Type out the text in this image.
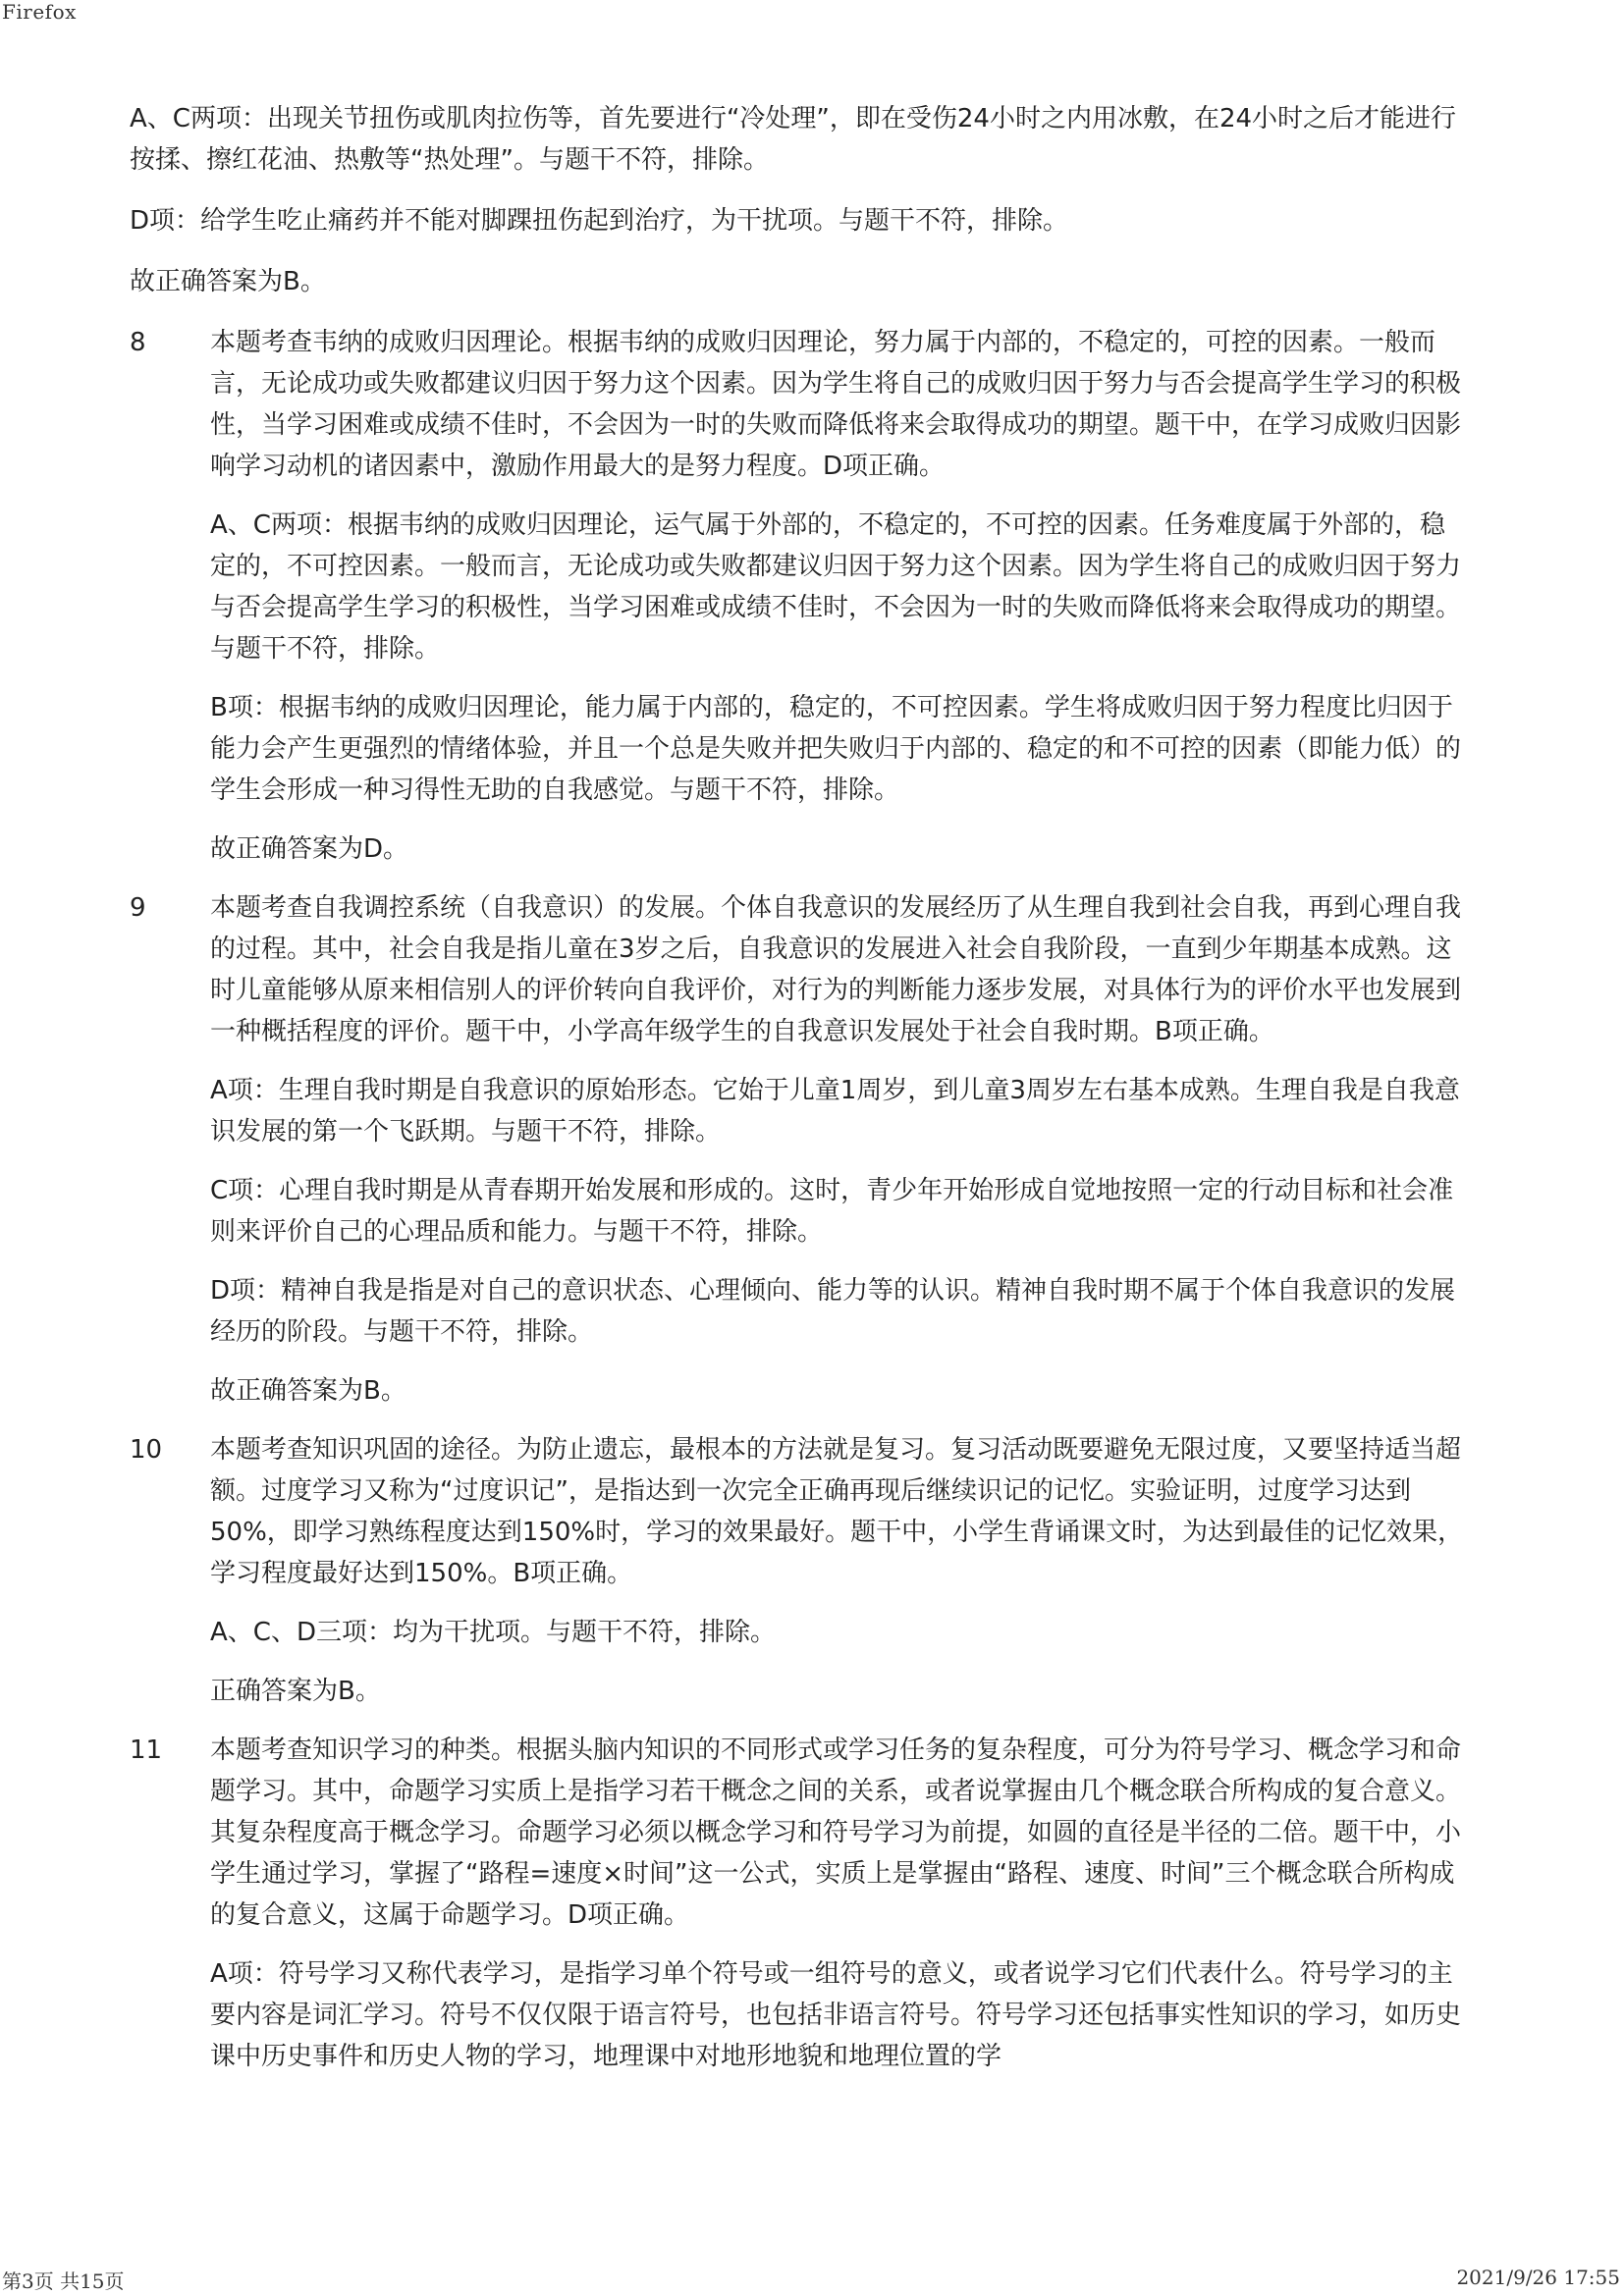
Firefox

A、C两项：出现关节扭伤或肌肉拉伤等，首先要进行“冷处理”，即在受伤24小时之内用冰敷，在24小时之后才能进行按揉、擦红花油、热敷等“热处理”。与题干不符，排除。

D项：给学生吃止痛药并不能对脚踝扭伤起到治疗，为干扰项。与题干不符，排除。

故正确答案为B。

8	本题考查韦纳的成败归因理论。根据韦纳的成败归因理论，努力属于内部的，不稳定的，可控的因素。一般而言，无论成功或失败都建议归因于努力这个因素。因为学生将自己的成败归因于努力与否会提高学生学习的积极性，当学习困难或成绩不佳时，不会因为一时的失败而降低将来会取得成功的期望。题干中，在学习成败归因影响学习动机的诸因素中，激励作用最大的是努力程度。D项正确。

A、C两项：根据韦纳的成败归因理论，运气属于外部的，不稳定的，不可控的因素。任务难度属于外部的，稳定的，不可控因素。一般而言，无论成功或失败都建议归因于努力这个因素。因为学生将自己的成败归因于努力与否会提高学生学习的积极性，当学习困难或成绩不佳时，不会因为一时的失败而降低将来会取得成功的期望。与题干不符，排除。

B项：根据韦纳的成败归因理论，能力属于内部的，稳定的，不可控因素。学生将成败归因于努力程度比归因于能力会产生更强烈的情绪体验，并且一个总是失败并把失败归于内部的、稳定的和不可控的因素（即能力低）的学生会形成一种习得性无助的自我感觉。与题干不符，排除。

故正确答案为D。

9	本题考查自我调控系统（自我意识）的发展。个体自我意识的发展经历了从生理自我到社会自我，再到心理自我的过程。其中，社会自我是指儿童在3岁之后，自我意识的发展进入社会自我阶段，一直到少年期基本成熟。这时儿童能够从原来相信别人的评价转向自我评价，对行为的判断能力逐步发展，对具体行为的评价水平也发展到一种概括程度的评价。题干中，小学高年级学生的自我意识发展处于社会自我时期。B项正确。

A项：生理自我时期是自我意识的原始形态。它始于儿童1周岁，到儿童3周岁左右基本成熟。生理自我是自我意识发展的第一个飞跃期。与题干不符，排除。

C项：心理自我时期是从青春期开始发展和形成的。这时，青少年开始形成自觉地按照一定的行动目标和社会准则来评价自己的心理品质和能力。与题干不符，排除。

D项：精神自我是指是对自己的意识状态、心理倾向、能力等的认识。精神自我时期不属于个体自我意识的发展经历的阶段。与题干不符，排除。

故正确答案为B。

10 本题考查知识巩固的途径。为防止遗忘，最根本的方法就是复习。复习活动既要避免无限过度，又要坚持适当超额。过度学习又称为“过度识记”，是指达到一次完全正确再现后继续识记的记忆。实验证明，过度学习达到50%，即学习熟练程度达到150%时，学习的效果最好。题干中，小学生背诵课文时，为达到最佳的记忆效果，学习程度最好达到150%。B项正确。

A、C、D三项：均为干扰项。与题干不符，排除。

正确答案为B。

11 本题考查知识学习的种类。根据头脑内知识的不同形式或学习任务的复杂程度，可分为符号学习、概念学习和命题学习。其中，命题学习实质上是指学习若干概念之间的关系，或者说掌握由几个概念联合所构成的复合意义。其复杂程度高于概念学习。命题学习必须以概念学习和符号学习为前提，如圆的直径是半径的二倍。题干中，小学生通过学习，掌握了“路程=速度×时间”这一公式，实质上是掌握由“路程、速度、时间”三个概念联合所构成的复合意义，这属于命题学习。D项正确。

A项：符号学习又称代表学习，是指学习单个符号或一组符号的意义，或者说学习它们代表什么。符号学习的主要内容是词汇学习。符号不仅仅限于语言符号，也包括非语言符号。符号学习还包括事实性知识的学习，如历史课中历史事件和历史人物的学习，地理课中对地形地貌和地理位置的学

第3页 共15页	2021/9/26 17:55
